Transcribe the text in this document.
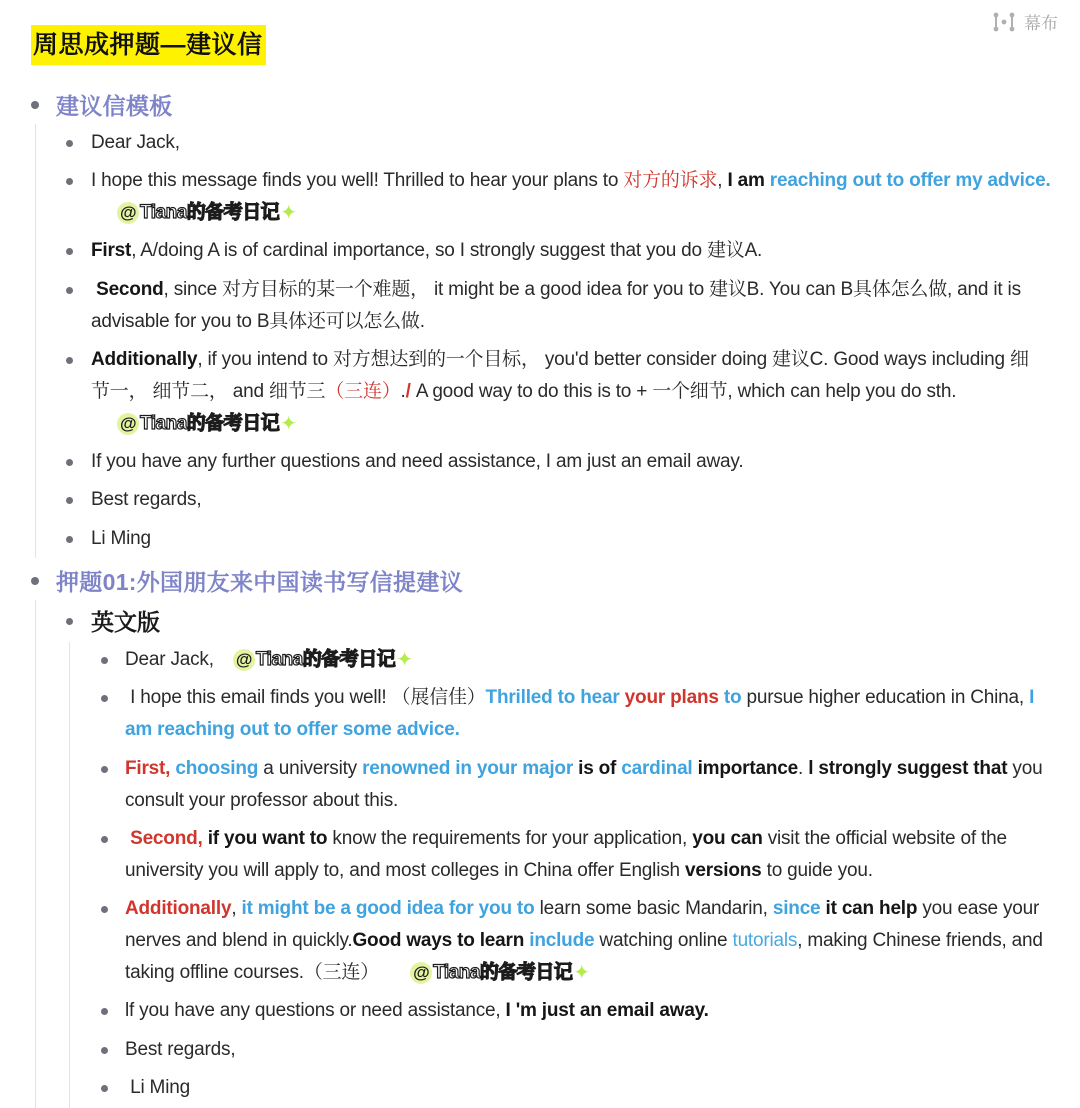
幕布
周思成押题—建议信
建议信模板
Dear Jack,
I hope this message finds you well! Thrilled to hear your plans to 对方的诉求, I am reaching out to offer my advice.
@ Tiana的备考日记 ✦
First, A/doing A is of cardinal importance, so I strongly suggest that you do 建议A.
Second, since 对方目标的某一个难题， it might be a good idea for you to 建议B. You can B具体怎么做, and it is advisable for you to B具体还可以怎么做.
Additionally, if you intend to 对方想达到的一个目标， you'd better consider doing 建议C. Good ways including 细节一， 细节二， and 细节三（三连）./ A good way to do this is to + 一个细节, which can help you do sth.
@ Tiana的备考日记 ✦
If you have any further questions and need assistance, I am just an email away.
Best regards,
Li Ming
押题01:外国朋友来中国读书写信提建议
英文版
Dear Jack, @ Tiana的备考日记 ✦
I hope this email finds you well! （展信佳）Thrilled to hear your plans to pursue higher education in China, I am reaching out to offer some advice.
First, choosing a university renowned in your major is of cardinal importance. l strongly suggest that you consult your professor about this.
Second, if you want to know the requirements for your application, you can visit the official website of the university you will apply to, and most colleges in China offer English versions to guide you.
Additionally, it might be a good idea for you to learn some basic Mandarin, since it can help you ease your nerves and blend in quickly.Good ways to learn include watching online tutorials, making Chinese friends, and taking offline courses.（三连） @ Tiana的备考日记 ✦
lf you have any questions or need assistance, I 'm just an email away.
Best regards,
Li Ming
